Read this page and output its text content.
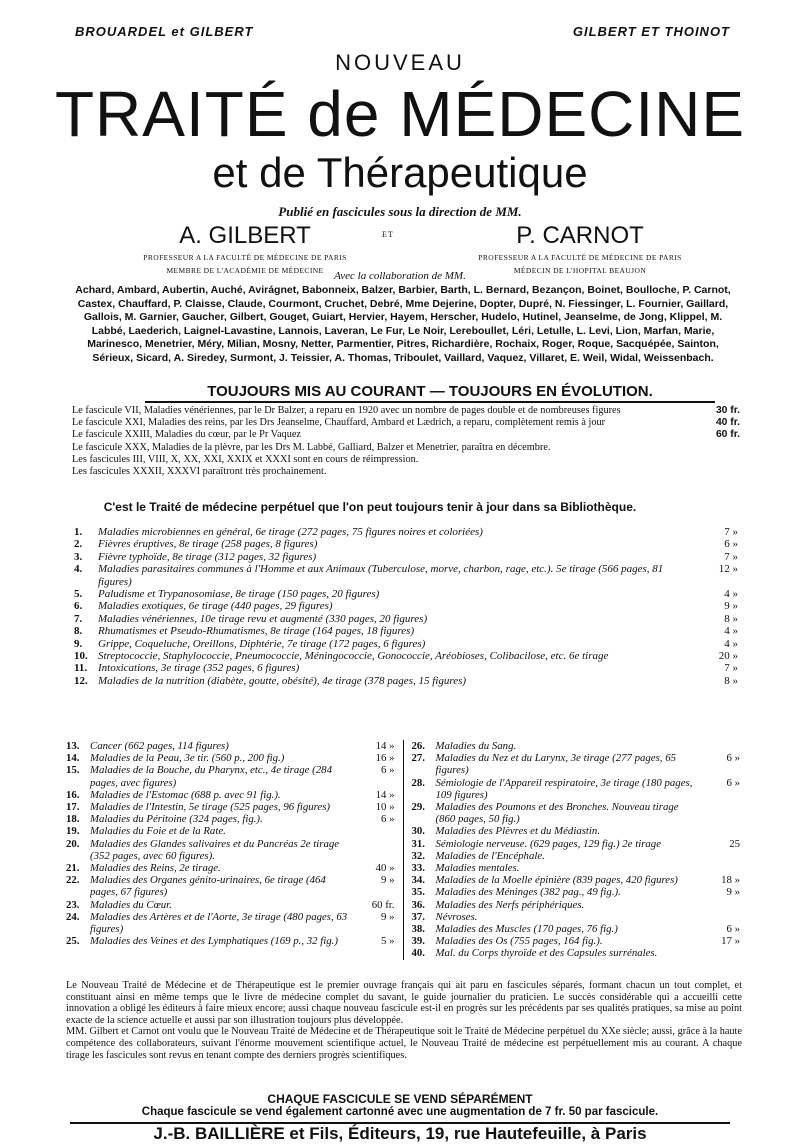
BROUARDEL et GILBERT	GILBERT ET THOINOT
NOUVEAU
TRAITÉ de MÉDECINE
et de Thérapeutique
Publié en fascicules sous la direction de MM.
A. GILBERT
PROFESSEUR A LA FACULTÉ DE MÉDECINE DE PARIS
MEMBRE DE L'ACADÉMIE DE MÉDECINE
P. CARNOT
PROFESSEUR A LA FACULTÉ DE MÉDECINE DE PARIS
MÉDECIN DE L'HOPITAL BEAUJON
ET
Avec la collaboration de MM.
Achard, Ambard, Aubertin, Auché, Avirágnet, Babonneix, Balzer, Barbier, Barth, L. Bernard, Bezançon, Boinet, Boulloche, P. Carnot, Castex, Chauffard, P. Claisse, Claude, Courmont, Cruchet, Debré, Mme Dejerine, Dopter, Dupré, N. Fiessinger, L. Fournier, Gaillard, Gallois, M. Garnier, Gaucher, Gilbert, Gouget, Guiart, Hervier, Hayem, Herscher, Hudelo, Hutinel, Jeanselme, de Jong, Klippel, M. Labbé, Laederich, Laignel-Lavastine, Lannois, Laveran, Le Fur, Le Noir, Lereboullet, Léri, Letulle, L. Levi, Lion, Marfan, Marie, Marinesco, Menetrier, Méry, Milian, Mosny, Netter, Parmentier, Pitres, Richardière, Rochaix, Roger, Roque, Sacquépée, Sainton, Sérieux, Sicard, A. Siredey, Surmont, J. Teissier, A. Thomas, Triboulet, Vaillard, Vaquez, Villaret, E. Weil, Widal, Weissenbach.
TOUJOURS MIS AU COURANT — TOUJOURS EN ÉVOLUTION.
Le fascicule VII, Maladies vénériennes, par le Dr Balzer, a reparu en 1920 avec un nombre de pages double et de nombreuses figures	30 fr.
Le fascicule XXI, Maladies des reins, par les Drs Jeanselme, Chauffard, Ambard et Lædrich, a reparu, complètement remis à jour	40 fr.
Le fascicule XXIII, Maladies du cœur, par le Pr Vaquez	60 fr.
Le fascicule XXX, Maladies de la plèvre, par les Drs M. Labbé, Galliard, Balzer et Menetrier, paraîtra en décembre.
Les fascicules III, VIII, X, XX, XXI, XXIX et XXXI sont en cours de réimpression.
Les fascicules XXXII, XXXVI paraîtront très prochainement.
C'est le Traité de médecine perpétuel que l'on peut toujours tenir à jour dans sa Bibliothèque.
1.	Maladies microbiennes en général, 6e tirage (272 pages, 75 figures noires et coloriées)	7 »
2.	Fièvres éruptives, 8e tirage (258 pages, 8 figures)	6 »
3.	Fièvre typhoïde, 8e tirage (312 pages, 32 figures)	7 »
4.	Maladies parasitaires communes à l'Homme et aux Animaux (Tuberculose, morve, charbon, rage, etc.). 5e tirage (566 pages, 81 figures)
12 »
5.	Paludisme et Trypanosomiase, 8e tirage (150 pages, 20 figures)	4 »
6.	Maladies exotiques, 6e tirage (440 pages, 29 figures)	9 »
7.	Maladies vénériennes, 10e tirage revu et augmenté (330 pages, 20 figures)	8 »
8.	Rhumatismes et Pseudo-Rhumatismes, 8e tirage (164 pages, 18 figures)	4 »
9.	Grippe, Coqueluche, Oreillons, Diphtérie, 7e tirage (172 pages, 6 figures)	4 »
10. Streptococcie, Staphylococcie, Pneumococcie, Méningococcie, Gonococcie, Aréobioses, Colibacilose, etc. 6e tirage	20 »
11. Intoxications, 3e tirage (352 pages, 6 figures)	7 »
12. Maladies de la nutrition (diabète, goutte, obésité), 4e tirage (378 pages, 15 figures)	8 »
13. Cancer (662 pages, 114 figures)	14 »
14. Maladies de la Peau, 3e tir. (560 p., 200 fig.)	16 »
15. Maladies de la Bouche, du Pharynx, etc., 4e tirage (284 pages, avec figures)
6 »
16. Maladies de l'Estomac (688 p. avec 91 fig.).	14 »
17. Maladies de l'Intestin, 5e tirage (525 pages, 96 figures)	10 »
18. Maladies du Péritoine (324 pages, fig.).	6 »
19. Maladies du Foie et de la Rate.
20. Maladies des Glandes salivaires et du Pancréas 2e tirage (352 pages, avec 60 figures).
21. Maladies des Reins, 2e tirage.	40 »
22. Maladies des Organes génito-urinaires, 6e tirage (464 pages, 67 figures)
9 »
23. Maladies du Cœur.	60 fr.
24. Maladies des Artères et de l'Aorte, 3e tirage (480 pages, 63 figures)
9 »
25. Maladies des Veines et des Lymphatiques (169 p., 32 fig.)	5 »
26. Maladies du Sang.
27. Maladies du Nez et du Larynx, 3e tirage (277 pages, 65 figures)
6 »
28. Sémiologie de l'Appareil respiratoire, 3e tirage (180 pages, 109 figures)
6 »
29. Maladies des Poumons et des Bronches. Nouveau tirage (860 pages, 50 fig.)
30. Maladies des Plèvres et du Médiastin.
31. Sémiologie nerveuse. (629 pages, 129 fig.) 2e tirage	25
32. Maladies de l'Encéphale.
33. Maladies mentales.
34. Maladies de la Moelle épinière (839 pages, 420 figures)	18 »
35. Maladies des Méninges (382 pag., 49 fig.).	9 »
36. Maladies des Nerfs périphériques.
37. Névroses.
38. Maladies des Muscles (170 pages, 76 fig.)	6 »
39. Maladies des Os (755 pages, 164 fig.).	17 »
40. Mal. du Corps thyroïde et des Capsules surrénales.
Le Nouveau Traité de Médecine et de Thérapeutique est le premier ouvrage français qui ait paru en fascicules séparés, formant chacun un tout complet, et constituant ainsi en même temps que le livre de médecine complet du savant, le guide journalier du praticien. Le succès considérable qui a accueilli cette innovation a obligé les éditeurs à faire mieux encore; aussi chaque nouveau fascicule est-il en progrès sur les précédents par ses qualités pratiques, sa mise au point exacte de la science actuelle et aussi par son illustration toujours plus développée.
MM. Gilbert et Carnot ont voulu que le Nouveau Traité de Médecine et de Thérapeutique soit le Traité de Médecine perpétuel du XXe siècle; aussi, grâce à la haute compétence des collaborateurs, suivant l'énorme mouvement scientifique actuel, le Nouveau Traité de médecine est perpétuellement mis au courant. A chaque tirage les fascicules sont revus en tenant compte des derniers progrès scientifiques.
CHAQUE FASCICULE SE VEND SÉPARÉMENT
Chaque fascicule se vend également cartonné avec une augmentation de 7 fr. 50 par fascicule.
J.-B. BAILLIÈRE et Fils, Éditeurs, 19, rue Hautefeuille, à Paris
